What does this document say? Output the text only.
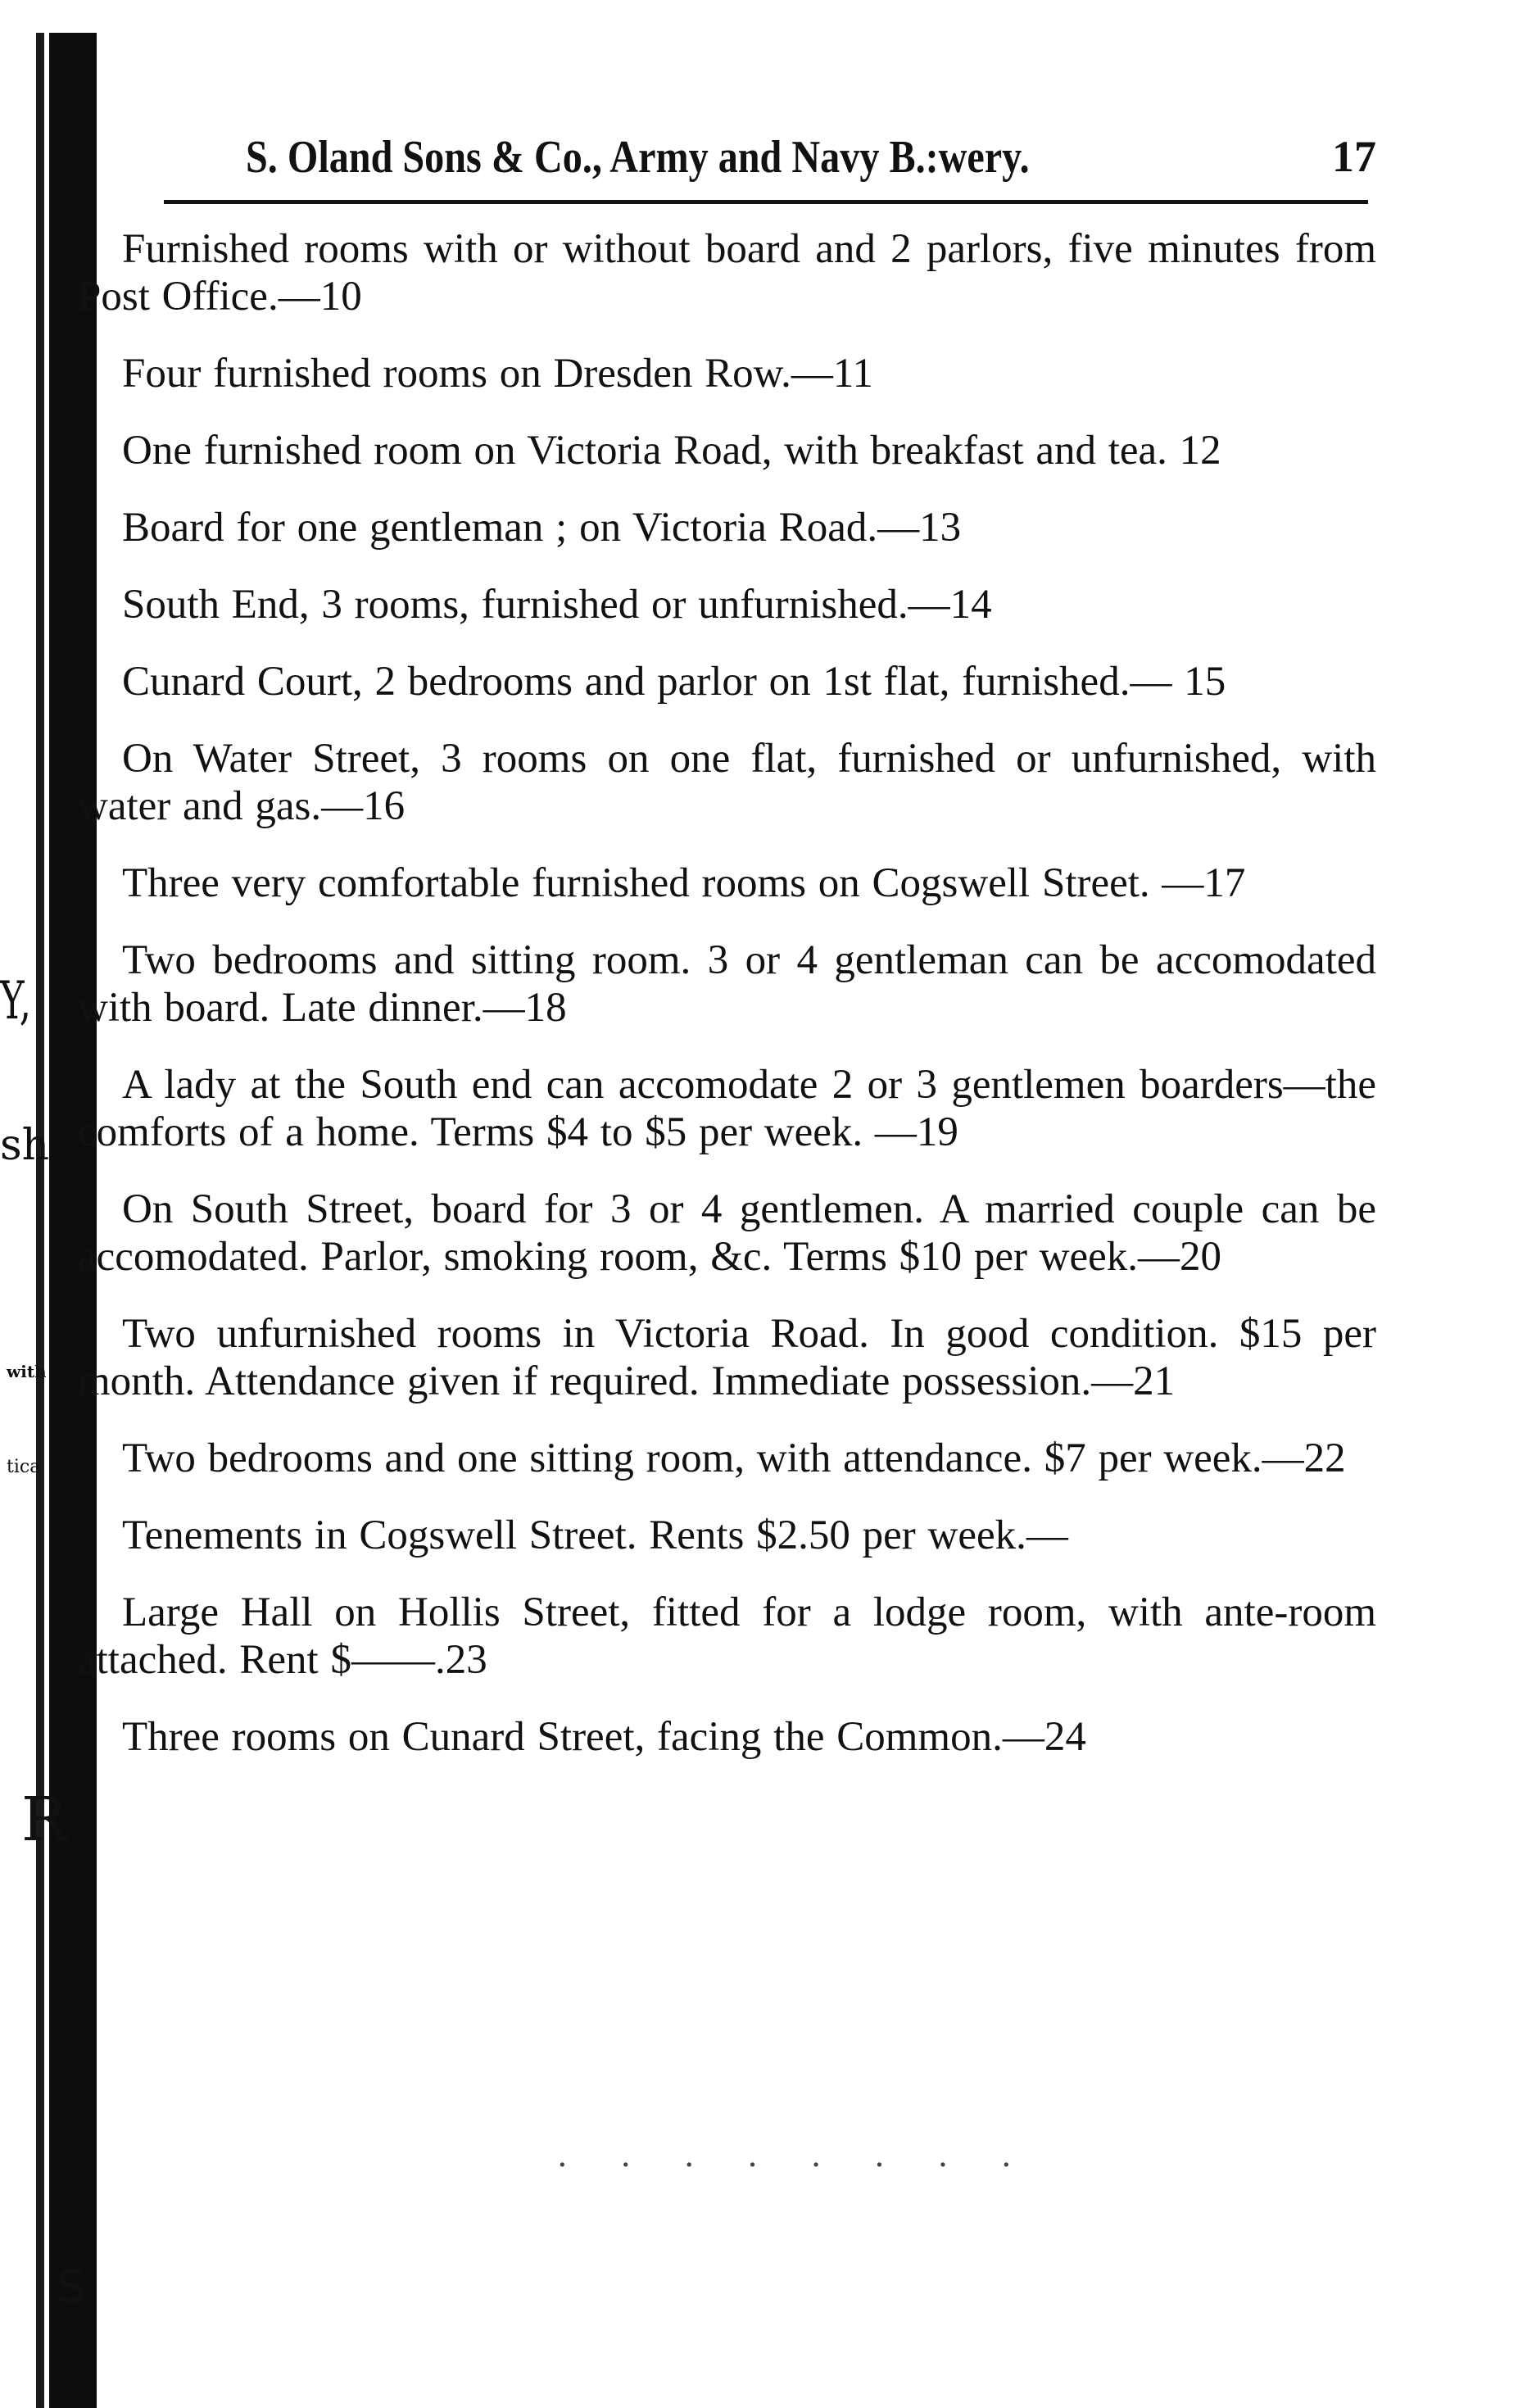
Y,
sh
with
tica
R
S
S. Oland Sons & Co., Army and Navy B.:wery.	17

Furnished rooms with or without board and 2 parlors, five minutes from Post Office.—10

Four furnished rooms on Dresden Row.—11

One furnished room on Victoria Road, with breakfast and tea. 12

Board for one gentleman ; on Victoria Road.—13

South End, 3 rooms, furnished or unfurnished.—14

Cunard Court, 2 bedrooms and parlor on 1st flat, furnished.— 15

On Water Street, 3 rooms on one flat, furnished or unfurnished, with water and gas.—16

Three very comfortable furnished rooms on Cogswell Street. —17

Two bedrooms and sitting room. 3 or 4 gentleman can be accomodated with board. Late dinner.—18

A lady at the South end can accomodate 2 or 3 gentlemen boarders—the comforts of a home. Terms $4 to $5 per week. —19

On South Street, board for 3 or 4 gentlemen. A married couple can be accomodated. Parlor, smoking room, &c. Terms $10 per week.—20

Two unfurnished rooms in Victoria Road. In good condition. $15 per month. Attendance given if required. Immediate possession.—21

Two bedrooms and one sitting room, with attendance. $7 per week.—22

Tenements in Cogswell Street. Rents $2.50 per week.—

Large Hall on Hollis Street, fitted for a lodge room, with ante-room attached. Rent $——.23

Three rooms on Cunard Street, facing the Common.—24

· · · · · · · ·
